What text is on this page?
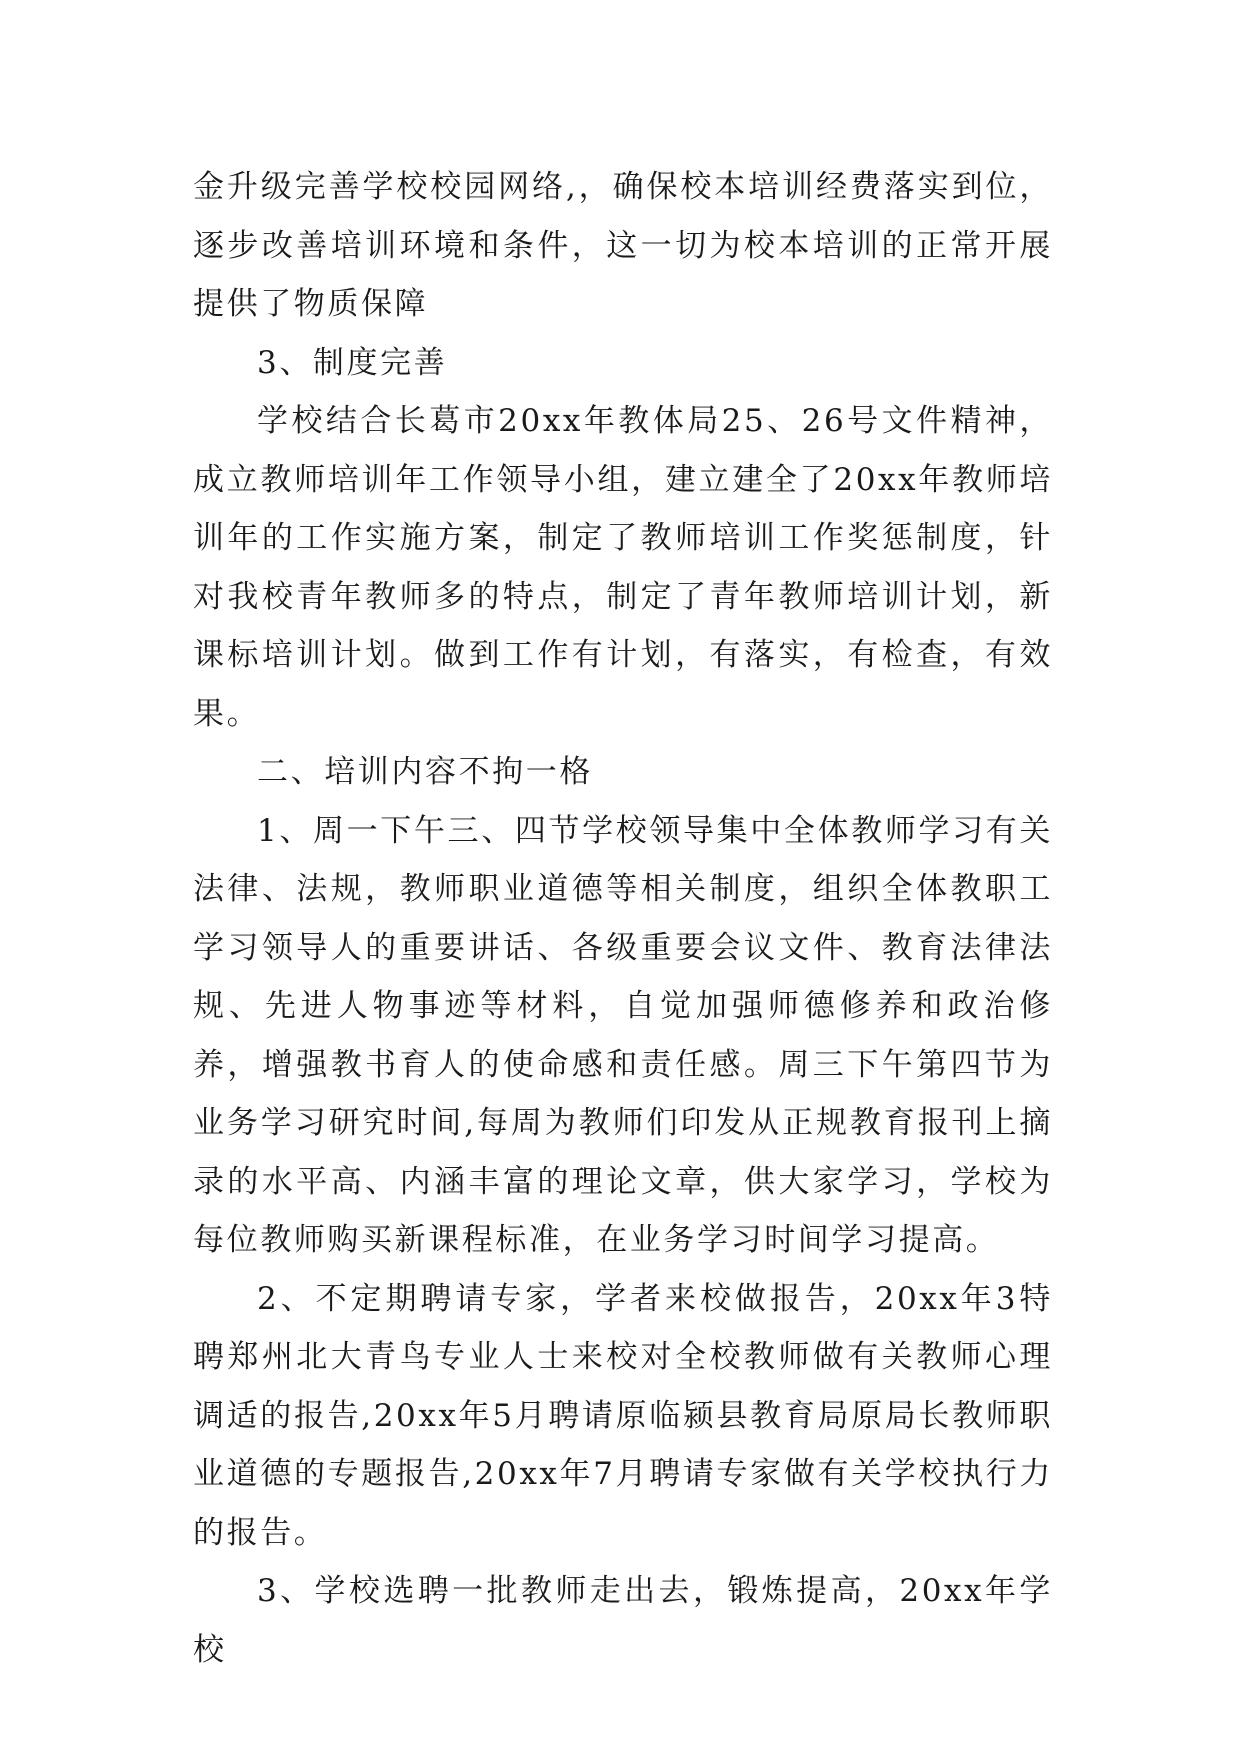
金升级完善学校校园网络,，确保校本培训经费落实到位，逐步改善培训环境和条件，这一切为校本培训的正常开展提供了物质保障

3、制度完善

学校结合长葛市20xx年教体局25、26号文件精神，成立教师培训年工作领导小组，建立建全了20xx年教师培训年的工作实施方案，制定了教师培训工作奖惩制度，针对我校青年教师多的特点，制定了青年教师培训计划，新课标培训计划。做到工作有计划，有落实，有检查，有效果。

二、培训内容不拘一格

1、周一下午三、四节学校领导集中全体教师学习有关法律、法规，教师职业道德等相关制度，组织全体教职工学习领导人的重要讲话、各级重要会议文件、教育法律法规、先进人物事迹等材料，自觉加强师德修养和政治修养，增强教书育人的使命感和责任感。周三下午第四节为业务学习研究时间,每周为教师们印发从正规教育报刊上摘录的水平高、内涵丰富的理论文章，供大家学习，学校为每位教师购买新课程标准，在业务学习时间学习提高。

2、不定期聘请专家，学者来校做报告，20xx年3特聘郑州北大青鸟专业人士来校对全校教师做有关教师心理调适的报告,20xx年5月聘请原临颍县教育局原局长教师职业道德的专题报告,20xx年7月聘请专家做有关学校执行力的报告。

3、学校选聘一批教师走出去，锻炼提高，20xx年学校
